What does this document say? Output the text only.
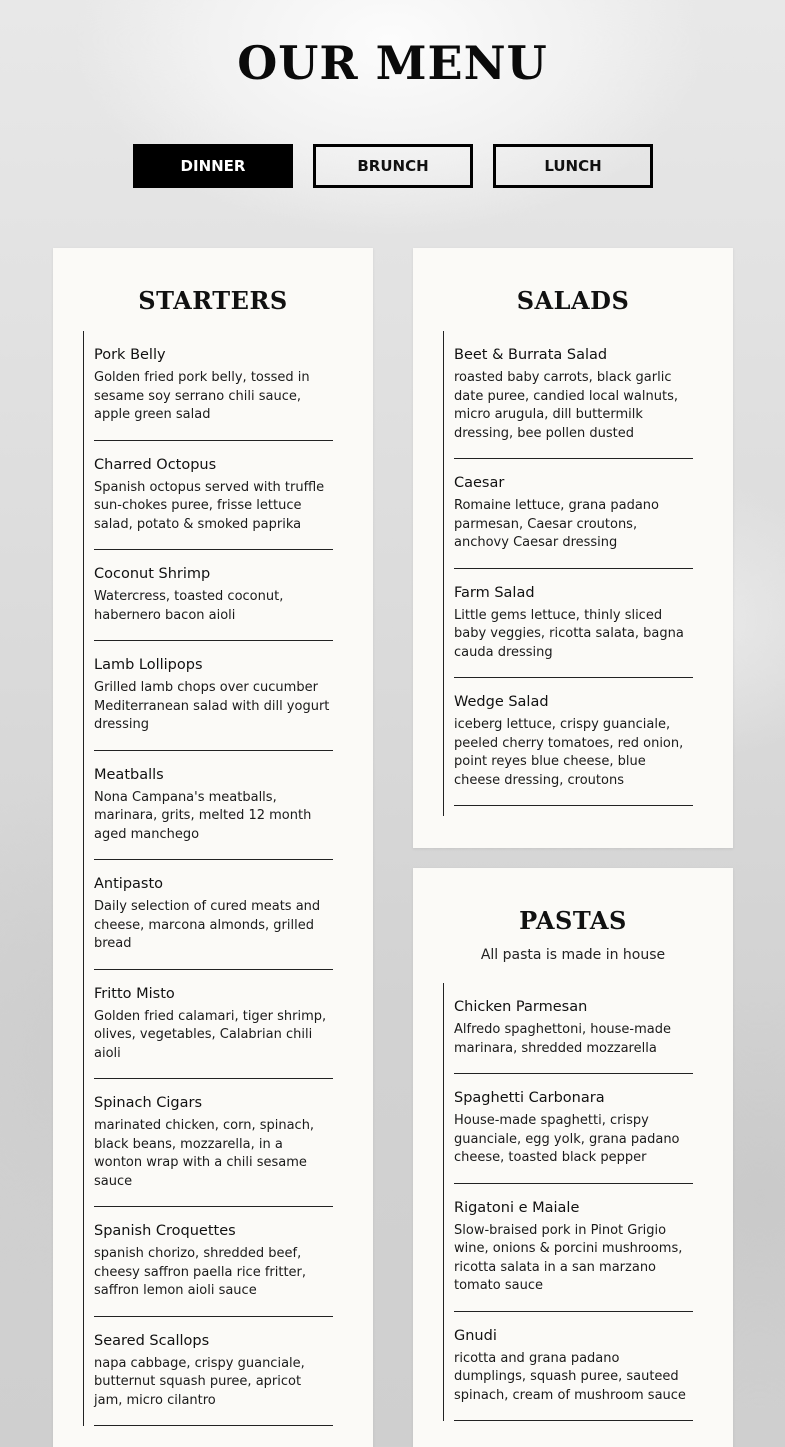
OUR MENU
DINNER	BRUNCH	LUNCH
STARTERS
Pork Belly
Golden fried pork belly, tossed in sesame soy serrano chili sauce, apple green salad
Charred Octopus
Spanish octopus served with truffle sun-chokes puree, frisse lettuce salad, potato & smoked paprika
Coconut Shrimp
Watercress, toasted coconut, habernero bacon aioli
Lamb Lollipops
Grilled lamb chops over cucumber Mediterranean salad with dill yogurt dressing
Meatballs
Nona Campana's meatballs, marinara, grits, melted 12 month aged manchego
Antipasto
Daily selection of cured meats and cheese, marcona almonds, grilled bread
Fritto Misto
Golden fried calamari, tiger shrimp, olives, vegetables, Calabrian chili aioli
Spinach Cigars
marinated chicken, corn, spinach, black beans, mozzarella, in a wonton wrap with a chili sesame sauce
Spanish Croquettes
spanish chorizo, shredded beef, cheesy saffron paella rice fritter, saffron lemon aioli sauce
Seared Scallops
napa cabbage, crispy guanciale, butternut squash puree, apricot jam, micro cilantro
SALADS
Beet & Burrata Salad
roasted baby carrots, black garlic date puree, candied local walnuts, micro arugula, dill buttermilk dressing, bee pollen dusted
Caesar
Romaine lettuce, grana padano parmesan, Caesar croutons, anchovy Caesar dressing
Farm Salad
Little gems lettuce, thinly sliced baby veggies, ricotta salata, bagna cauda dressing
Wedge Salad
iceberg lettuce, crispy guanciale, peeled cherry tomatoes, red onion, point reyes blue cheese, blue cheese dressing, croutons
PASTAS
All pasta is made in house
Chicken Parmesan
Alfredo spaghettoni, house-made marinara, shredded mozzarella
Spaghetti Carbonara
House-made spaghetti, crispy guanciale, egg yolk, grana padano cheese, toasted black pepper
Rigatoni e Maiale
Slow-braised pork in Pinot Grigio wine, onions & porcini mushrooms, ricotta salata in a san marzano tomato sauce
Gnudi
ricotta and grana padano dumplings, squash puree, sauteed spinach, cream of mushroom sauce
